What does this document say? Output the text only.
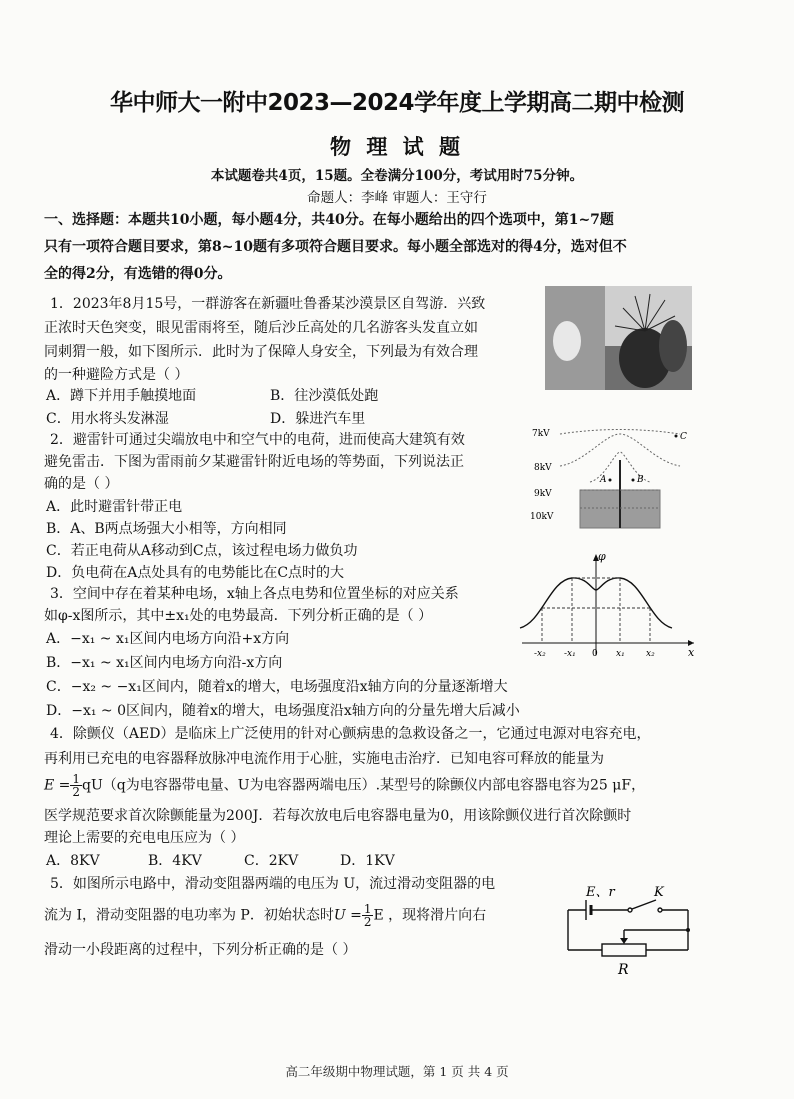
华中师大一附中2023—2024学年度上学期高二期中检测
物 理 试 题
本试题卷共4页，15题。全卷满分100分，考试用时75分钟。
命题人：李峰 审题人：王守行
一、选择题：本题共10小题，每小题4分，共40分。在每小题给出的四个选项中，第1~7题
只有一项符合题目要求，第8~10题有多项符合题目要求。每小题全部选对的得4分，选对但不
全的得2分，有选错的得0分。
1．2023年8月15号，一群游客在新疆吐鲁番某沙漠景区自驾游．兴致
正浓时天色突变，眼见雷雨将至，随后沙丘高处的几名游客头发直立如
同刺猬一般，如下图所示．此时为了保障人身安全，下列最为有效合理
的一种避险方式是（ ）
A．蹲下并用手触摸地面	B．往沙漠低处跑
C．用水将头发淋湿	D．躲进汽车里
2．避雷针可通过尖端放电中和空气中的电荷，进而使高大建筑有效
避免雷击．下图为雷雨前夕某避雷针附近电场的等势面，下列说法正
确的是（ ）
A．此时避雷针带正电
B．A、B两点场强大小相等，方向相同
C．若正电荷从A移动到C点，该过程电场力做负功
D．负电荷在A点处具有的电势能比在C点时的大
7kV
8kV
9kV
10kV
A	B
C
3．空间中存在着某种电场，x轴上各点电势和位置坐标的对应关系
如φ-x图所示，其中±x₁处的电势最高．下列分析正确的是（ ）
A．−x₁ ~ x₁区间内电场方向沿+x方向
B．−x₁ ~ x₁区间内电场方向沿-x方向
C．−x₂ ~ −x₁区间内，随着x的增大，电场强度沿x轴方向的分量逐渐增大
D．−x₁ ~ 0区间内，随着x的增大，电场强度沿x轴方向的分量先增大后减小
φ
x
-x₂ -x₁ 0 x₁ x₂
4．除颤仪（AED）是临床上广泛使用的针对心颤病患的急救设备之一，它通过电源对电容充电，
再利用已充电的电容器释放脉冲电流作用于心脏，实施电击治疗．已知电容可释放的能量为
$E = \frac{1}{2} qU(q$为电容器带电量、U为电容器两端电压）.某型号的除颤仪内部电容器电容为25 μF，
医学规范要求首次除颤能量为200J．若每次放电后电容器电量为0，用该除颤仪进行首次除颤时
理论上需要的充电电压应为（ ）
A．8KV	B．4KV	C．2KV	D．1KV
5．如图所示电路中，滑动变阻器两端的电压为 U，流过滑动变阻器的电
流为 I，滑动变阻器的电功率为 P．初始状态时$U = \frac{1}{2}$ E ，现将滑片向右
滑动一小段距离的过程中，下列分析正确的是（ ）
E、r	K
R
高二年级期中物理试题，第 1 页 共 4 页
